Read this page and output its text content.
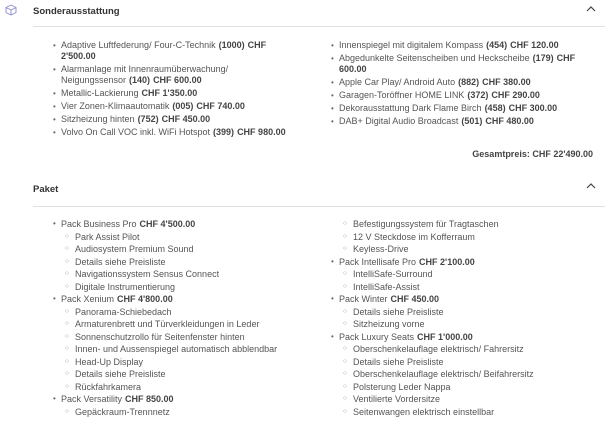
Sonderausstattung
• Adaptive Luftfederung/ Four-C-Technik (1000) CHF 2'500.00
• Alarmanlage mit Innenraumüberwachung/ Neigungssensor (140) CHF 600.00
• Metallic-Lackierung CHF 1'350.00
• Vier Zonen-Klimaautomatik (005) CHF 740.00
• Sitzheizung hinten (752) CHF 450.00
• Volvo On Call VOC inkl. WiFi Hotspot (399) CHF 980.00
• Innenspiegel mit digitalem Kompass (454) CHF 120.00
• Abgedunkelte Seitenscheiben und Heckscheibe (179) CHF 600.00
• Apple Car Play/ Android Auto (882) CHF 380.00
• Garagen-Toröffner HOME LINK (372) CHF 290.00
• Dekorausstattung Dark Flame Birch (458) CHF 300.00
• DAB+ Digital Audio Broadcast (501) CHF 480.00
Gesamtpreis: CHF 22'490.00
Paket
• Pack Business Pro CHF 4'500.00
○ Park Assist Pilot
○ Audiosystem Premium Sound
○ Details siehe Preisliste
○ Navigationssystem Sensus Connect
○ Digitale Instrumentierung
• Pack Xenium CHF 4'800.00
○ Panorama-Schiebedach
○ Armaturenbrett und Türverkleidungen in Leder
○ Sonnenschutzrollo für Seitenfenster hinten
○ Innen- und Aussenspiegel automatisch abblendbar
○ Head-Up Display
○ Details siehe Preisliste
○ Rückfahrkamera
• Pack Versatility CHF 850.00
○ Gepäckraum-Trennnetz
○ Befestigungssystem für Tragtaschen
○ 12 V Steckdose im Kofferraum
○ Keyless-Drive
• Pack Intellisafe Pro CHF 2'100.00
○ IntelliSafe-Surround
○ IntelliSafe-Assist
• Pack Winter CHF 450.00
○ Details siehe Preisliste
○ Sitzheizung vorne
• Pack Luxury Seats CHF 1'000.00
○ Oberschenkelauflage elektrisch/ Fahrersitz
○ Details siehe Preisliste
○ Oberschenkelauflage elektrisch/ Beifahrersitz
○ Polsterung Leder Nappa
○ Ventilierte Vordersitze
○ Seitenwangen elektrisch einstellbar
